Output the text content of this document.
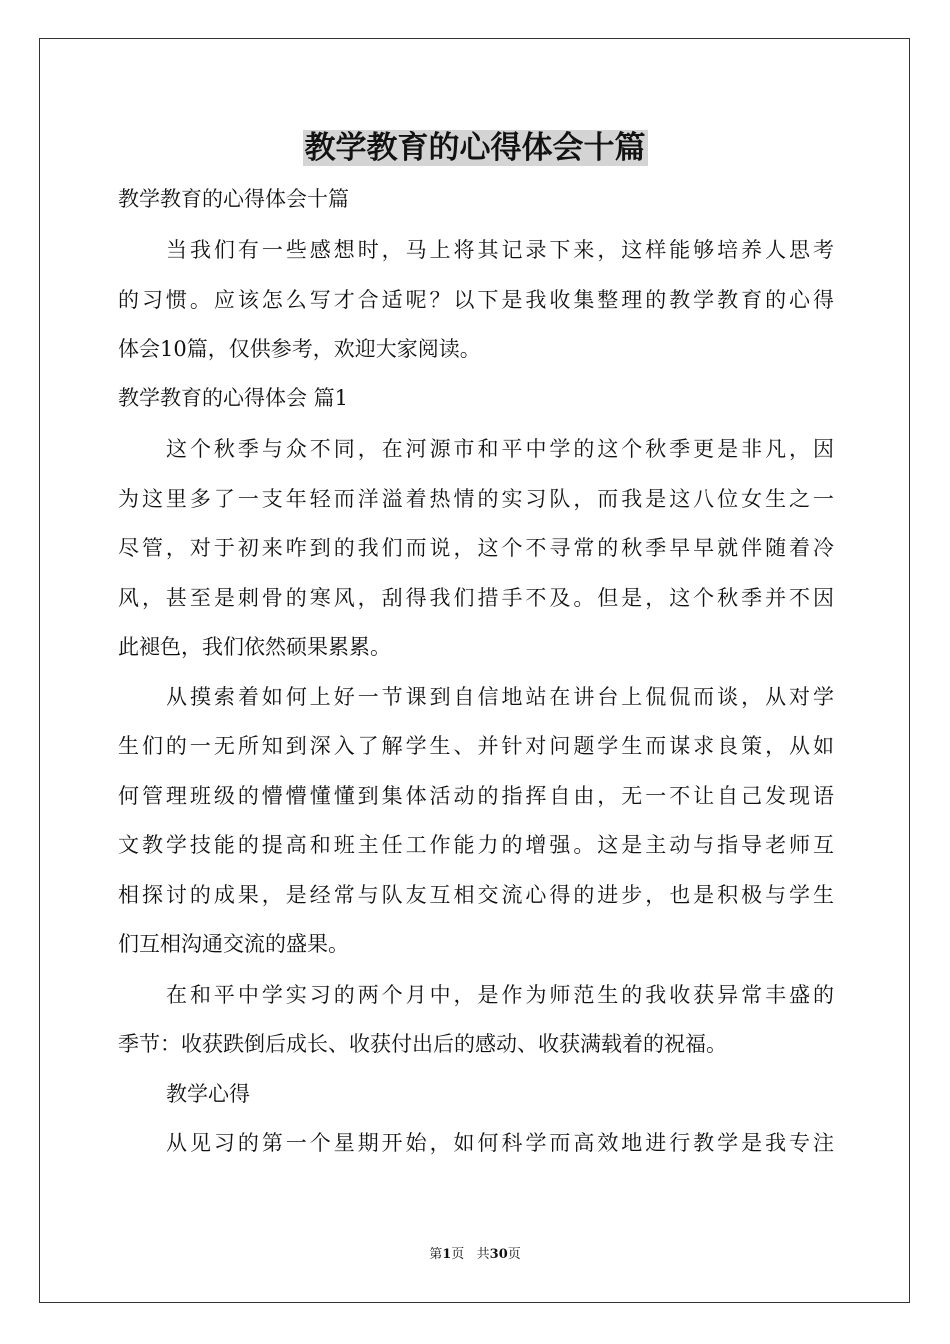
教学教育的心得体会十篇
教学教育的心得体会十篇
当我们有一些感想时，马上将其记录下来，这样能够培养人思考
的习惯。应该怎么写才合适呢？以下是我收集整理的教学教育的心得
体会10篇，仅供参考，欢迎大家阅读。
教学教育的心得体会 篇1
这个秋季与众不同，在河源市和平中学的这个秋季更是非凡，因
为这里多了一支年轻而洋溢着热情的实习队，而我是这八位女生之一
尽管，对于初来咋到的我们而说，这个不寻常的秋季早早就伴随着冷
风，甚至是刺骨的寒风，刮得我们措手不及。但是，这个秋季并不因
此褪色，我们依然硕果累累。
从摸索着如何上好一节课到自信地站在讲台上侃侃而谈，从对学
生们的一无所知到深入了解学生、并针对问题学生而谋求良策，从如
何管理班级的懵懵懂懂到集体活动的指挥自由，无一不让自己发现语
文教学技能的提高和班主任工作能力的增强。这是主动与指导老师互
相探讨的成果，是经常与队友互相交流心得的进步，也是积极与学生
们互相沟通交流的盛果。
在和平中学实习的两个月中，是作为师范生的我收获异常丰盛的
季节：收获跌倒后成长、收获付出后的感动、收获满载着的祝福。
教学心得
从见习的第一个星期开始，如何科学而高效地进行教学是我专注
第1页   共30页
